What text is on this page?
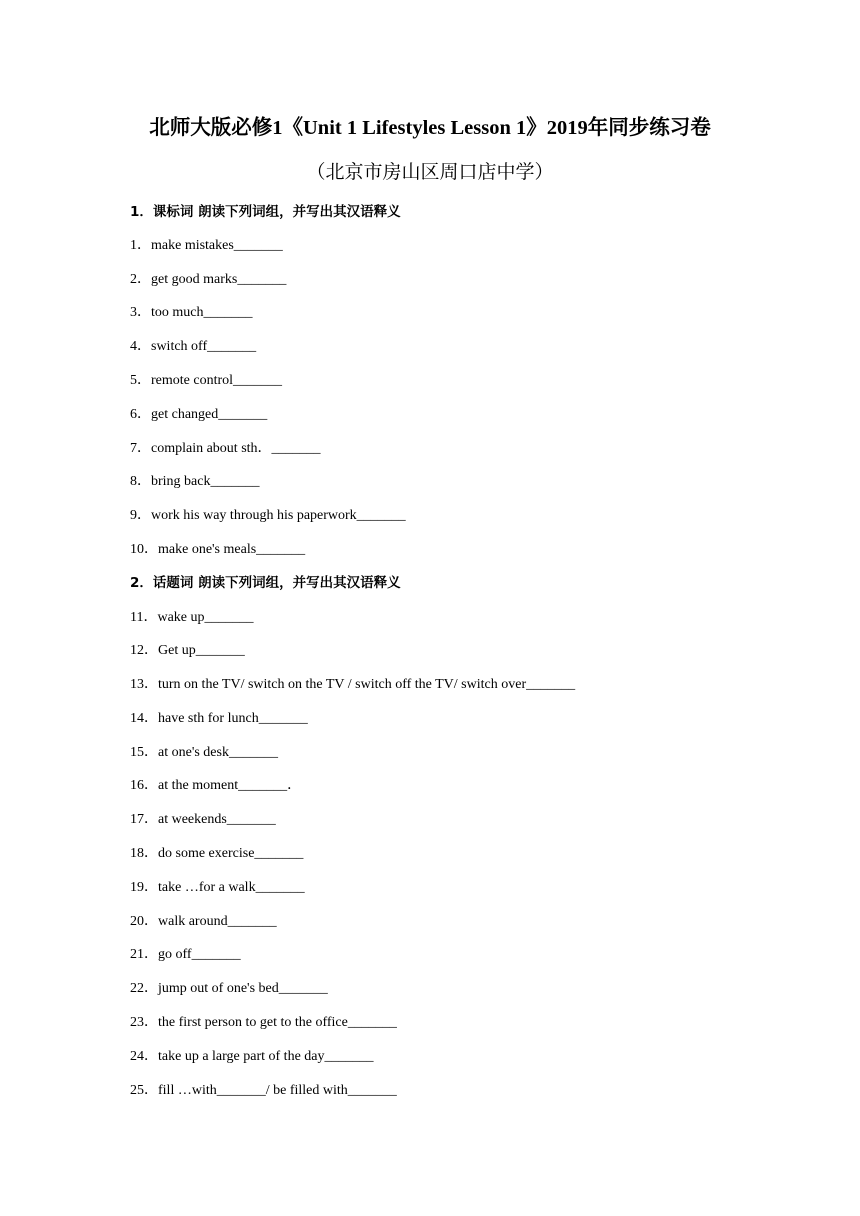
北师大版必修1《Unit 1 Lifestyles Lesson 1》2019年同步练习卷
（北京市房山区周口店中学）
1．课标词 朗读下列词组，并写出其汉语释义
1．make mistakes_______
2．get good marks_______
3．too much_______
4．switch off_______
5．remote control_______
6．get changed_______
7．complain about sth．_______
8．bring back_______
9．work his way through his paperwork_______
10．make one's meals_______
2．话题词 朗读下列词组，并写出其汉语释义
11．wake up_______
12．Get up_______
13．turn on the TV/ switch on the TV / switch off the TV/ switch over_______
14．have sth for lunch_______
15．at one's desk_______
16．at the moment_______．
17．at weekends_______
18．do some exercise_______
19．take …for a walk_______
20．walk around_______
21．go off_______
22．jump out of one's bed_______
23．the first person to get to the office_______
24．take up a large part of the day_______
25．fill …with_______/ be filled with_______
